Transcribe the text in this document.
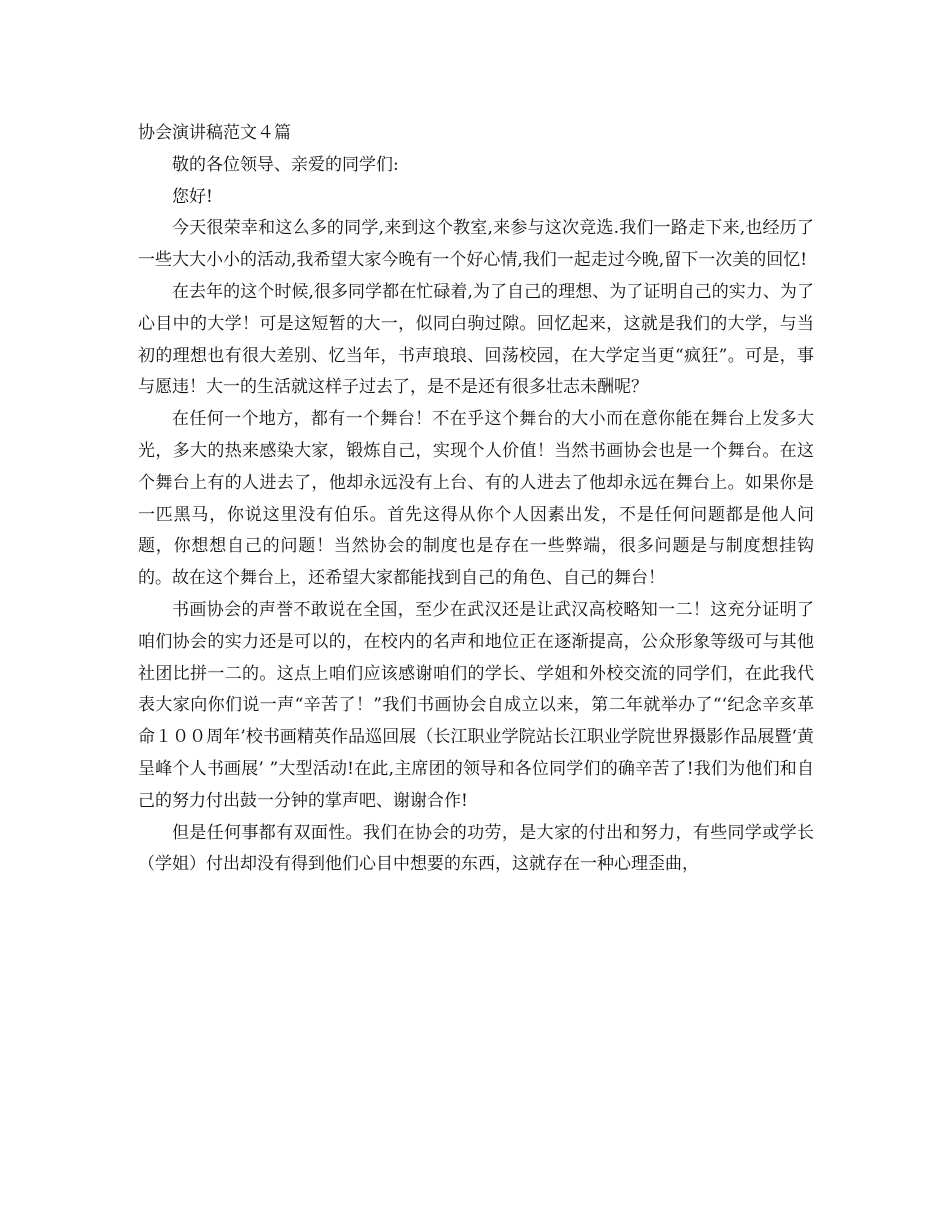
协会演讲稿范文４篇

敬的各位领导、亲爱的同学们:

您好!

今天很荣幸和这么多的同学,来到这个教室,来参与这次竞选.我们一路走下来,也经历了一些大大小小的活动,我希望大家今晚有一个好心情,我们一起走过今晚,留下一次美的回忆!

在去年的这个时候,很多同学都在忙碌着,为了自己的理想、为了证明自己的实力、为了心目中的大学！可是这短暂的大一，似同白驹过隙。回忆起来，这就是我们的大学，与当初的理想也有很大差别、忆当年，书声琅琅、回荡校园，在大学定当更“疯狂”。可是，事与愿违！大一的生活就这样子过去了，是不是还有很多壮志未酬呢？

在任何一个地方，都有一个舞台！不在乎这个舞台的大小而在意你能在舞台上发多大光，多大的热来感染大家，锻炼自己，实现个人价值！当然书画协会也是一个舞台。在这个舞台上有的人进去了，他却永远没有上台、有的人进去了他却永远在舞台上。如果你是一匹黑马，你说这里没有伯乐。首先这得从你个人因素出发，不是任何问题都是他人问题，你想想自己的问题！当然协会的制度也是存在一些弊端，很多问题是与制度想挂钩的。故在这个舞台上，还希望大家都能找到自己的角色、自己的舞台！

书画协会的声誉不敢说在全国，至少在武汉还是让武汉高校略知一二！这充分证明了咱们协会的实力还是可以的，在校内的名声和地位正在逐渐提高，公众形象等级可与其他社团比拼一二的。这点上咱们应该感谢咱们的学长、学姐和外校交流的同学们，在此我代表大家向你们说一声“辛苦了！”我们书画协会自成立以来，第二年就举办了“‘纪念辛亥革命１００周年’校书画精英作品巡回展（长江职业学院站长江职业学院世界摄影作品展暨‘黄呈峰个人书画展’ ”大型活动!在此,主席团的领导和各位同学们的确辛苦了!我们为他们和自己的努力付出鼓一分钟的掌声吧、谢谢合作!

但是任何事都有双面性。我们在协会的功劳，是大家的付出和努力，有些同学或学长（学姐）付出却没有得到他们心目中想要的东西，这就存在一种心理歪曲，
